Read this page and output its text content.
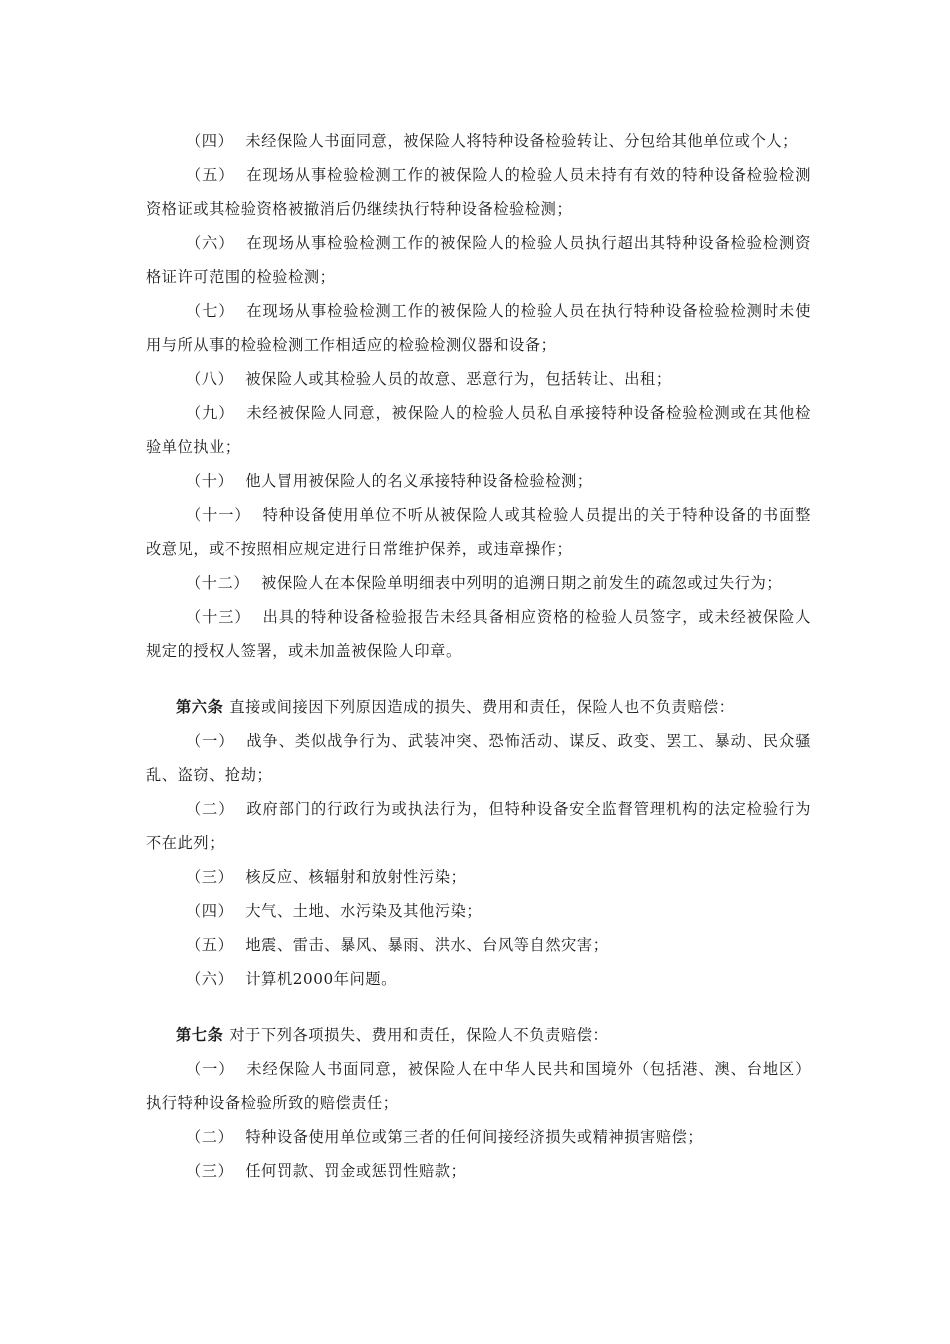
（四） 未经保险人书面同意，被保险人将特种设备检验转让、分包给其他单位或个人；

（五） 在现场从事检验检测工作的被保险人的检验人员未持有有效的特种设备检验检测资格证或其检验资格被撤消后仍继续执行特种设备检验检测；

（六） 在现场从事检验检测工作的被保险人的检验人员执行超出其特种设备检验检测资格证许可范围的检验检测；

（七） 在现场从事检验检测工作的被保险人的检验人员在执行特种设备检验检测时未使用与所从事的检验检测工作相适应的检验检测仪器和设备；

（八） 被保险人或其检验人员的故意、恶意行为，包括转让、出租；

（九） 未经被保险人同意，被保险人的检验人员私自承接特种设备检验检测或在其他检验单位执业；

（十） 他人冒用被保险人的名义承接特种设备检验检测；

（十一） 特种设备使用单位不听从被保险人或其检验人员提出的关于特种设备的书面整改意见，或不按照相应规定进行日常维护保养，或违章操作；

（十二） 被保险人在本保险单明细表中列明的追溯日期之前发生的疏忽或过失行为；

（十三） 出具的特种设备检验报告未经具备相应资格的检验人员签字，或未经被保险人规定的授权人签署，或未加盖被保险人印章。

第六条 直接或间接因下列原因造成的损失、费用和责任，保险人也不负责赔偿：

（一） 战争、类似战争行为、武装冲突、恐怖活动、谋反、政变、罢工、暴动、民众骚乱、盗窃、抢劫；

（二） 政府部门的行政行为或执法行为，但特种设备安全监督管理机构的法定检验行为不在此列；

（三） 核反应、核辐射和放射性污染；

（四） 大气、土地、水污染及其他污染；

（五） 地震、雷击、暴风、暴雨、洪水、台风等自然灾害；

（六） 计算机2000年问题。

第七条 对于下列各项损失、费用和责任，保险人不负责赔偿：

（一） 未经保险人书面同意，被保险人在中华人民共和国境外（包括港、澳、台地区）执行特种设备检验所致的赔偿责任；

（二） 特种设备使用单位或第三者的任何间接经济损失或精神损害赔偿；

（三） 任何罚款、罚金或惩罚性赔款；
